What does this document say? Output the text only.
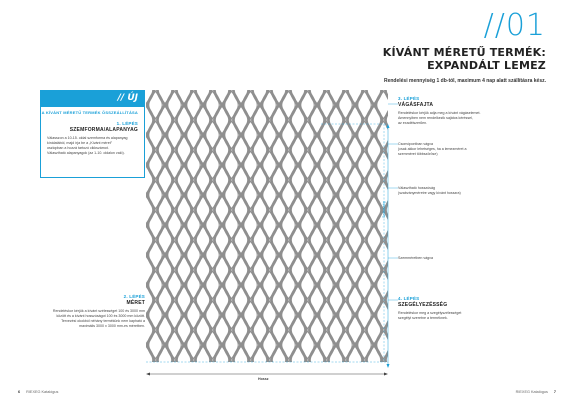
//01
KÍVÁNT MÉRETŰ TERMÉK:
EXPANDÁLT LEMEZ
Rendelési mennyiség 1 db-tól, maximum 4 nap alatt szállításra kész.
// ÚJ
A KÍVÁNT MÉRETŰ TERMÉK ÖSSZEÁLLÍTÁSA
1. LÉPÉS
SZEMFORMA/ALAPANYAG
Válasszon a 10-15. oldal szemforma és alapanyag
kínálatából, majd írja be a „Kívánt méret”
oszlopban a hozzá tartozó cikkszámot.
Választható alapanyagok (az 1-10. oldalon való).
2. LÉPÉS
MÉRET
Rendeléskor kérjük a kívánt szélességet 100 és 3000 mm
között és a kívánt hosszúságot 100 és 3000 mm között.
Tervezési okokból néhány termékünk nem kapható a
maximális 3000 x 3000 mm-es méretben.
3. LÉPÉS
VÁGÁSFAJTA
Rendeléskor kérjük adja meg a kívánt vágáselemet.
Amennyiben nem rendelkezik sajátos kéréssel,
az exadélszerűen.
Csomópontban vágva
(csak akkor lehetséges, ha a lemezméret a
szemméret többszöröse)
Választható hosszúság
(szabványméretre vagy kívánt hosszra)
Szemméretben vágva
4. LÉPÉS
SZEGÉLYEZÉSSÉG
Rendeléskor meg a szegélyszélességet
szegélyt szeretne a terméknek.
Hossz
Szélesség
6 RIEXEG Katalógus	RIEXEG Katalógus 7
